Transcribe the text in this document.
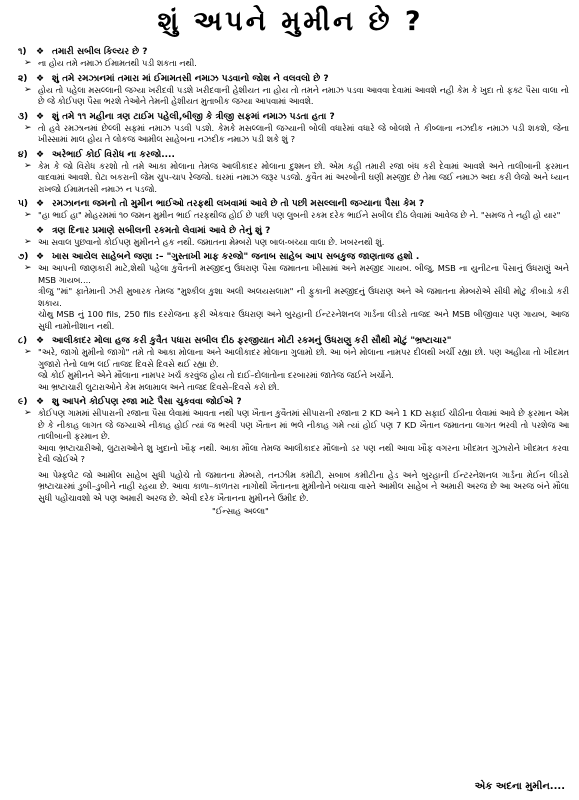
શું અપને મુમીન છે ?
૧)	❖ તમારી સબીલ કિલ્યર છે ?
➢ ના હોય તમે નમાઝ ઈમામતથી પડી શકતા નથી.
૨) ❖ શું તમે રમઝાનમાં તમારા માં ઈમામતસી નમાઝ પડવાનો જોશ ને વલવલો છે ?
➢ હોય તો પહેલા મસલ્લાની જગ્યા ખરીદવી પડશે ખરીદવાની હેશીયત ના હોય તો તમને નમાઝ પડવા આવવા દેવામાં આવશે નહી કેમ કે ખુદા તો ફક્ટ પૈસા વાલા નો છે જે કોઈપણ પૈસા ભરશે તેઓને તેમની હેશીયત મુતાબીક જગ્યા આપવામાં આવશે.
૩) ❖ શું તમે ૧૧ મહીના ત્રણ ટાઈમ પહેલી,બીજી કે ત્રીજી સફમાં નમાઝ પડતા હતા ?
➢ તો હવે રમઝાનમાં છેલ્લી સફમાં નમાઝ પડવી પડશે. કેમકે મસલ્લાની જગ્યાની બોલી વધારેમાં વધારે જે બોલશે તે કીબ્લાના નઝદીક નમાઝ પડી શકશે, જેના ખીસ્સામાં માલ હોય તે લોકજ આમીલ સાહેબના નઝદીક નમાઝ પડી શકે શું ?
૪) ❖ અરેભાઈ કોઈ વિરોધ ના કરજો....
➢ કેમ કે જો વિરોધ કરશો તો તમે આકા મોલાના તેમજ આલીકાદર મોલાના દુશ્મન છો. એમ કહી તમારી રજા બંધ કરી દેવામાં આવશે અને તાલીબાની ફરમાન વાદવામાં આવશે. ઘેટા બકરાની જેમ ચુપ-ચાપ રેજજો. ઘરમાં નમાઝ જરૂર પડજો. કુવૈત માં અરબોની ઘણી મસ્જીદ છે તેમા જઈ નમાઝ અદા કરી લેજો અને ધ્યાન રાખજો ઈમામતસી નમાઝ ન પડજો.
૫) ❖ રમઝાનના જમનો તો મુમીન ભાઈઓ તરફથી લખવામાં આવે છે તો પછી મસલ્લાની જગ્યાના પૈસા કેમ ?
➢ "હા ભાઈ હા" મોહરમમાં ૧૦ જમન મુમીન ભાઈ તરફથીજ હોઈ છે પછી પણ લુબની રકમ દરેક ભાઈને સબીલ દીઠ લેવામાં આવેજ છે ને. "સમજ તે નહી હો યાર"
❖ ત્રણ દિનાર પ્રમાણે સબીલની રકમતો લેવામાં આવે છે તેનું શું ?
➢ આ સવાલ પુછવાનો કોઈપણ મુમીનને હક નથી. જમાતના મેમ્બરો પણ બાલ-બચ્યા વાલા છે. ખબરનથી શું.
૭) ❖ ખાસ આયેલ સાહેબને જણા :– "ગુસ્તાખી માફ કરજો" જનાબ સાહેબ આપ સબકુજ જાણતાજ હશો .
➢ આ આપની જાણકારી માટે,શેથી પહેલા કુવૈતની મસ્જીદનુ ઉધરાણ પૈસા જમાતના ખીસામાં અને મસ્જીદ ગાયબ. બીજુ, MSB ના યુનીટના પૈસાનું ઉધરાણું અને MSB ગાયબ....
ત્રીજુ "માં" ફાતેમાની ઝરી મુબારક તેમજ "મુશ્કીલ કુશા અલી અલયસલામ" ની ફુકાની મસ્જીદનું ઉધરાણ અને એ જમાતના મેમ્બરોએ સીધી મોટુ કીબાડો કરી શકાય.
ચોથુ MSB નું 100 fils, 250 fils દરરોજના ફરી એકવાર ઉધરાણ અને બુરહાની ઈન્ટરનેશનલ ગાર્ડના લીડરો તાજદ અને MSB બીજીવાર પણ ગાયબ, આજ સુધી નામોનીશાન નથી.
૮) ❖ આલીકાદર મોલા હજ કરી કુવૈત પધારા સબીલ દીઠ ફરજીયાત મોટી રકમનું ઉધરાણુ કરી સૌથી મોટું "ભ્રષ્ટાચાર"
➢ "અરે, જાગો મુમીનો જાગો" તમે તો આકા મોલાના અને આલીકાદર મોલાના ગુલામો છો. આ બંને મોલાના નામપર દીલથી ખર્ચી રહ્યા છો. પણ અહીયા તો ખીદમત ગુજારો તેનો લાભ લઈ તાજદ દિવસે દિવસે થઈ રહ્યા છે.
જો કોઈ મુમીનને એને મૌલાના નામપર ખર્ચ કરવુંજ હોય તો દાઈ–દોલાતોના દરબારમાં જાતેજ જઈને ખર્ચોને.
આ ભ્રષ્ટાચારી લુટારાઓને કેમ મલામાલ અને તાજદ દિવસે–દિવસે કરો છો.
૯) ❖ શુ આપને કોઈપણ રજા માટે પૈસા ચુકવવા જોઈએ ?
➢ કોઈપણ ગામમાં સીપારાની રજાના પૈસા લેવામાં આવતા નથી પણ ખૈતાન કુવૈતમાં સીપારાની રજાના 2 KD અને 1 KD સફાઈ ચીઠીના લેવામાં આવે છે ફરમાન એમ છે કે નીકાહ લાગત જે જગ્યાએ નીકાહ હોઈ ત્યાં જ ભરવી પણ ખૈતાન માં ભલે નીકાહ ગમે ત્યાં હોઈ પણ 7 KD ખૈતાન જમાતના લાગત ભરવી તો પરશેજ આ તાલીબાની ફરમાન છે.
આવા ભ્રષ્ટાચારીઓ, લુટારાઓને શુ ખુદાનો ખૌફ નથી. આકા મૌલા તેમજ આલીકાદર મૌલાનો ડર પણ નથી આવા ખૌફ વગરના ખીદમત ગુઝારોને ખીદમત કરવા દેવી જોઈએ ?
આ પેમ્ફલેટ જો આમીલ સાહેબ સુધી પહોચે તો જમાતના મેમ્બરો, તનઝીમ કમીટી, સબાબ કમીટીના હેડ અને બુરહાની ઈન્ટરનેશનલ ગાર્ડના મેઈન લીડરો ભ્રષ્ટાચારમાં ડુબી–ડુબીને નાહી રહયા છે. આવા કાળા–કાળતરા નાગોથી ખૈતાનના મુમીનોને બચાવા વાસ્તે આમીલ સાહેબ ને અમારી અરજ છે આ અરજ બંને મૌલા સુધી પહોંચાવશો એ પણ અમારી અરજ છે. એવી દરેક ખૈતાનના મુમીનને ઉમીદ છે.
"ઈન્સાહ અલ્લા"
એક અદના મુમીન....
